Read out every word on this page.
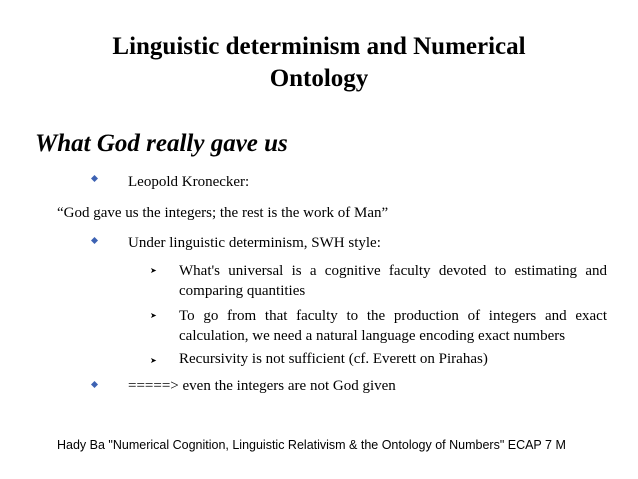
Linguistic determinism and Numerical
Ontology
What God really gave us
Leopold Kronecker:
“God gave us the integers; the rest is the work of Man”
Under linguistic determinism, SWH style:
➤ What's universal is a cognitive faculty devoted to estimating and comparing quantities
➤ To go from that faculty to the production of integers and exact calculation, we need a natural language encoding exact numbers
➤ Recursivity is not sufficient (cf. Everett on Pirahas)
=====> even the integers are not God given
Hady Ba "Numerical Cognition, Linguistic Relativism & the Ontology of Numbers" ECAP 7 M
